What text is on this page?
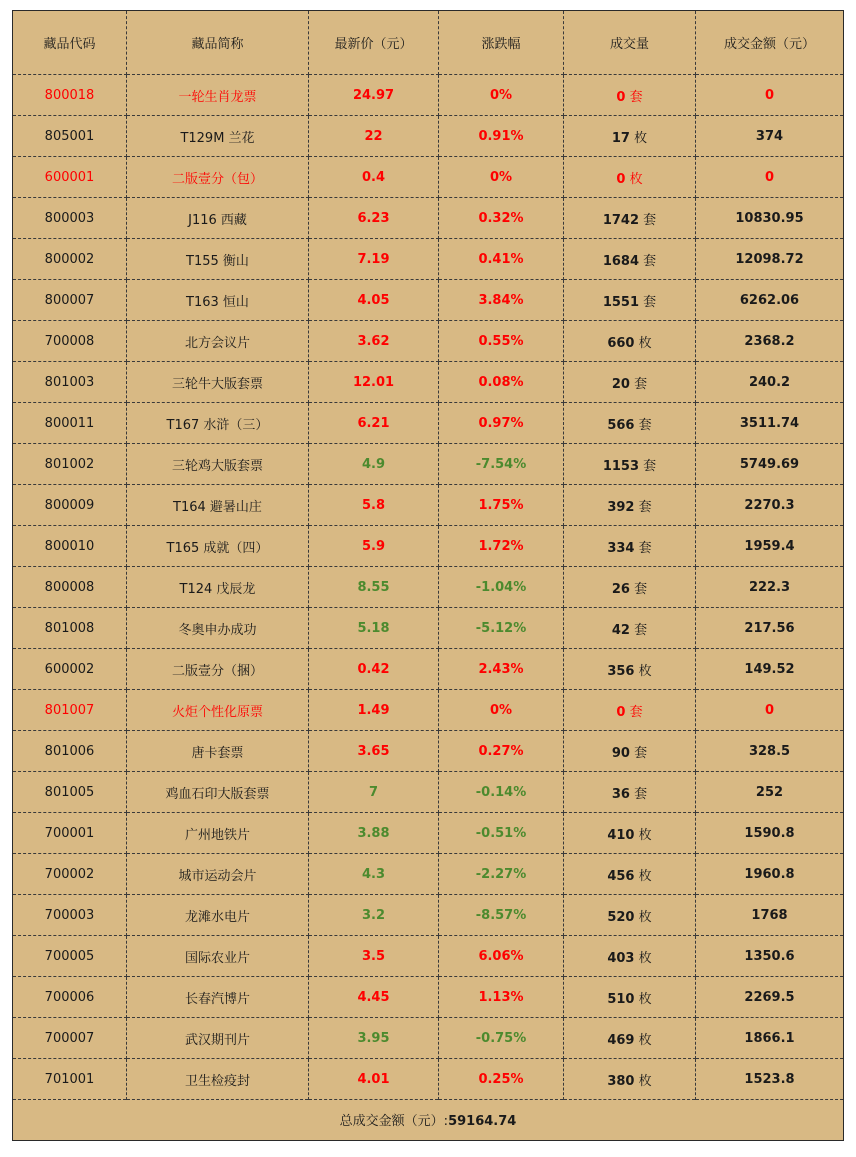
藏品代码	藏品简称	最新价（元）	涨跌幅	成交量	成交金额（元）
800018	一轮生肖龙票	24.97	0%	0 套	0
805001	T129M 兰花	22	0.91%	17 枚	374
600001	二版壹分（包）	0.4	0%	0 枚	0
800003	J116 西藏	6.23	0.32%	1742 套	10830.95
800002	T155 衡山	7.19	0.41%	1684 套	12098.72
800007	T163 恒山	4.05	3.84%	1551 套	6262.06
700008	北方会议片	3.62	0.55%	660 枚	2368.2
801003	三轮牛大版套票	12.01	0.08%	20 套	240.2
800011	T167 水浒（三）	6.21	0.97%	566 套	3511.74
801002	三轮鸡大版套票	4.9	-7.54%	1153 套	5749.69
800009	T164 避暑山庄	5.8	1.75%	392 套	2270.3
800010	T165 成就（四）	5.9	1.72%	334 套	1959.4
800008	T124 戊辰龙	8.55	-1.04%	26 套	222.3
801008	冬奥申办成功	5.18	-5.12%	42 套	217.56
600002	二版壹分（捆）	0.42	2.43%	356 枚	149.52
801007	火炬个性化原票	1.49	0%	0 套	0
801006	唐卡套票	3.65	0.27%	90 套	328.5
801005	鸡血石印大版套票	7	-0.14%	36 套	252
700001	广州地铁片	3.88	-0.51%	410 枚	1590.8
700002	城市运动会片	4.3	-2.27%	456 枚	1960.8
700003	龙滩水电片	3.2	-8.57%	520 枚	1768
700005	国际农业片	3.5	6.06%	403 枚	1350.6
700006	长春汽博片	4.45	1.13%	510 枚	2269.5
700007	武汉期刊片	3.95	-0.75%	469 枚	1866.1
701001	卫生检疫封	4.01	0.25%	380 枚	1523.8
总成交金额（元）:59164.74					
